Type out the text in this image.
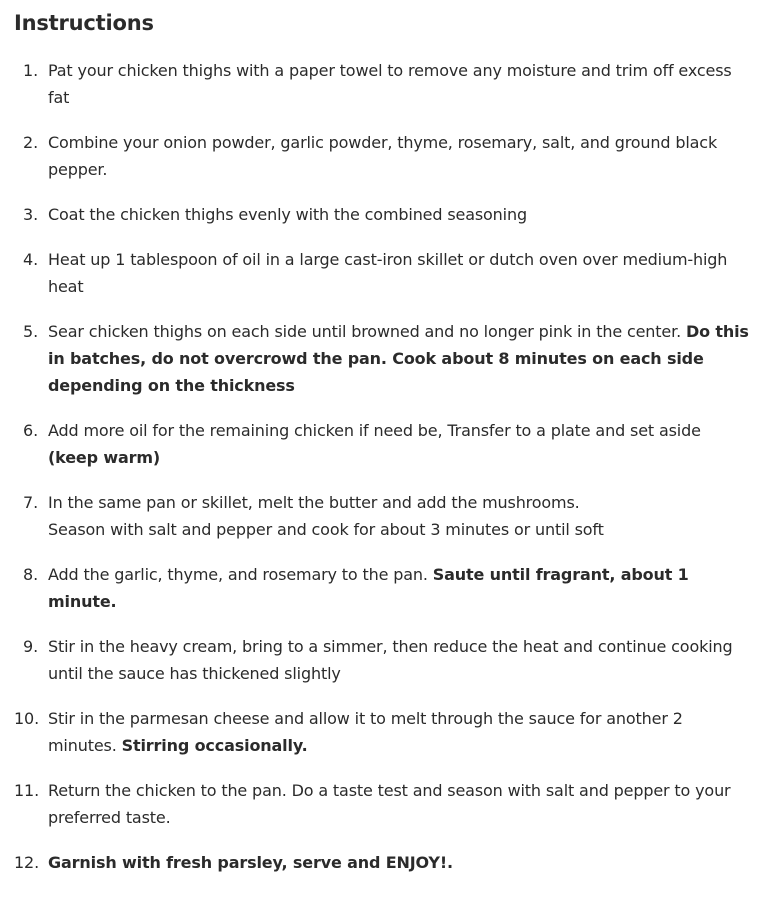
Instructions
1 . Pat your chicken thighs with a paper towel to remove any moisture and trim off excess fat
2 . Combine your onion powder, garlic powder, thyme, rosemary, salt, and ground black pepper.
3 . Coat the chicken thighs evenly with the combined seasoning
4 . Heat up 1 tablespoon of oil in a large cast-iron skillet or dutch oven over medium-high heat
5 . Sear chicken thighs on each side until browned and no longer pink in the center. Do this in batches, do not overcrowd the pan. Cook about 8 minutes on each side depending on the thickness
6 . Add more oil for the remaining chicken if need be, Transfer to a plate and set aside (keep warm)
7 . In the same pan or skillet, melt the butter and add the mushrooms.
Season with salt and pepper and cook for about 3 minutes or until soft
8 . Add the garlic, thyme, and rosemary to the pan. Saute until fragrant, about 1 minute.
9 . Stir in the heavy cream, bring to a simmer, then reduce the heat and continue cooking until the sauce has thickened slightly
10 . Stir in the parmesan cheese and allow it to melt through the sauce for another 2 minutes. Stirring occasionally.
11 . Return the chicken to the pan. Do a taste test and season with salt and pepper to your preferred taste.
12 . Garnish with fresh parsley, serve and ENJOY!.
